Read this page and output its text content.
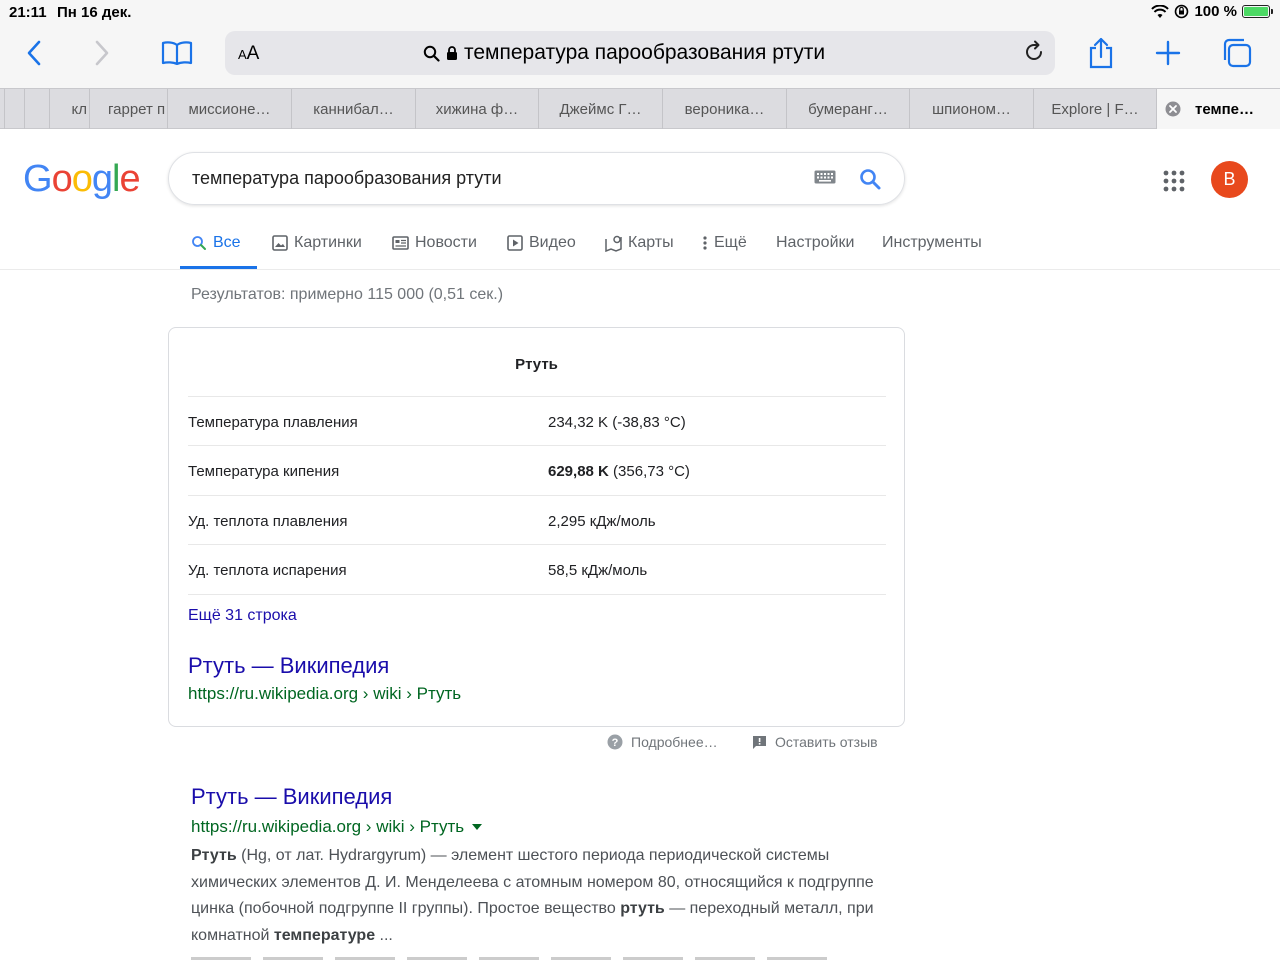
21:11 Пн 16 дек.	100 %
AA	температура парообразования ртути
кл гаррет п миссионе…	каннибал…	хижина ф…	Джеймс Г…	вероника…	бумеранг…	шпионом…	Explore | F…	темпе…
Google	температура парообразования ртути	B
Все	Картинки	Новости	Видео	Карты	Ещё Настройки Инструменты
Результатов: примерно 115 000 (0,51 сек.)
Ртуть
Температура плавления	234,32 K (-38,83 °C)
Температура кипения	629,88 K (356,73 °C)
Уд. теплота плавления	2,295 кДж/моль
Уд. теплота испарения	58,5 кДж/моль
Ещё 31 строка
Ртуть — Википедия
https://ru.wikipedia.org › wiki › Ртуть
? Подробнее…	Оставить отзыв
Ртуть — Википедия
https://ru.wikipedia.org › wiki › Ртуть
Ртуть (Hg, от лат. Hydrargyrum) — элемент шестого периода периодической системы химических элементов Д. И. Менделеева с атомным номером 80, относящийся к подгруппе цинка (побочной подгруппе II группы). Простое вещество ртуть — переходный металл, при комнатной температуре ...
